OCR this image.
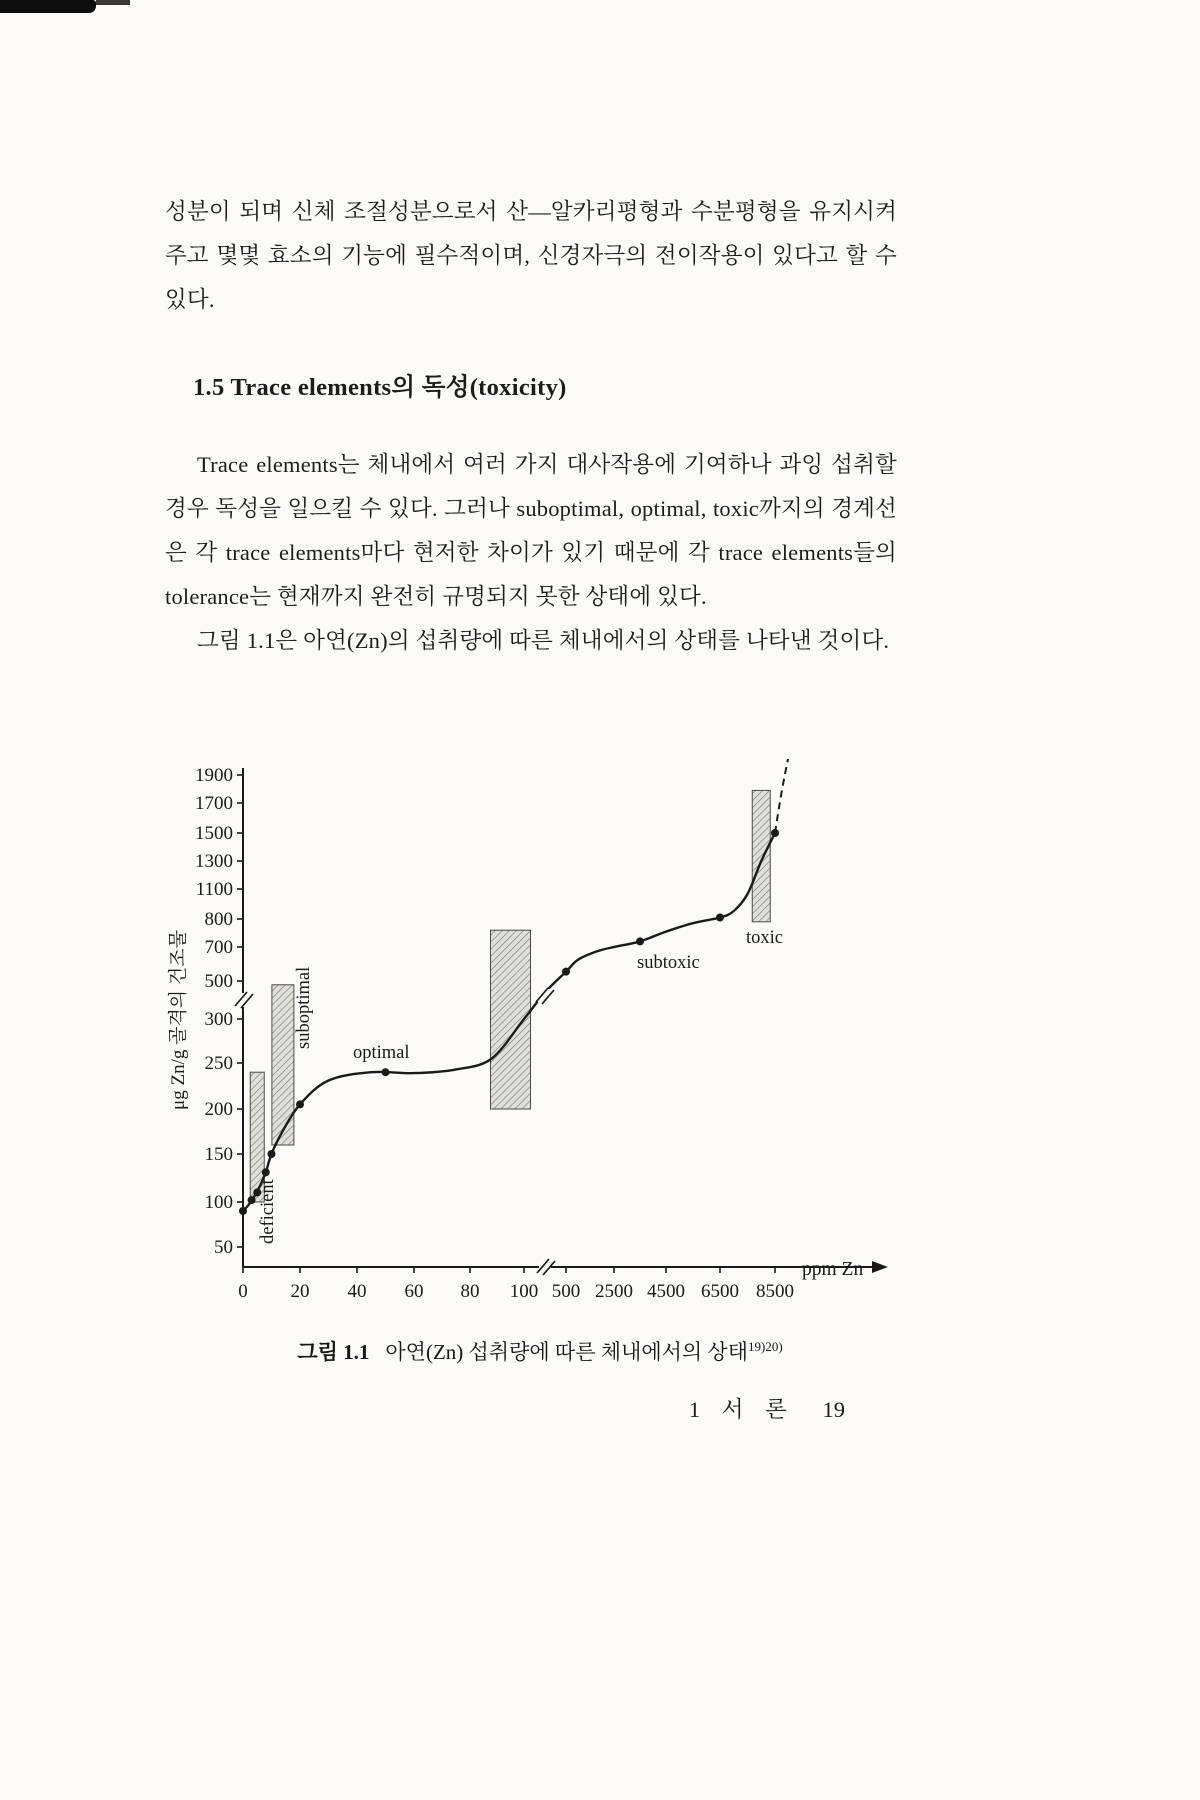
성분이 되며 신체 조절성분으로서 산—알카리평형과 수분평형을 유지시켜주고 몇몇 효소의 기능에 필수적이며, 신경자극의 전이작용이 있다고 할 수 있다.

1.5 Trace elements의 독성(toxicity)

Trace elements는 체내에서 여러 가지 대사작용에 기여하나 과잉 섭취할 경우 독성을 일으킬 수 있다. 그러나 suboptimal, optimal, toxic까지의 경계선은 각 trace elements마다 현저한 차이가 있기 때문에 각 trace elements들의 tolerance는 현재까지 완전히 규명되지 못한 상태에 있다.

그림 1.1은 아연(Zn)의 섭취량에 따른 체내에서의 상태를 나타낸 것이다.

50
100
150
200
250
300
500
700
800
1100
1300
1500
1700
1900
0 20 40 60 80 100 500 2500 4500 6500 8500
deficient
suboptimal
optimal
subtoxic
toxic
ppm Zn
μg Zn/g 골격의 건조물
그림 1.1 아연(Zn) 섭취량에 따른 체내에서의 상태$^{19)20)}$
1 서 론 19
